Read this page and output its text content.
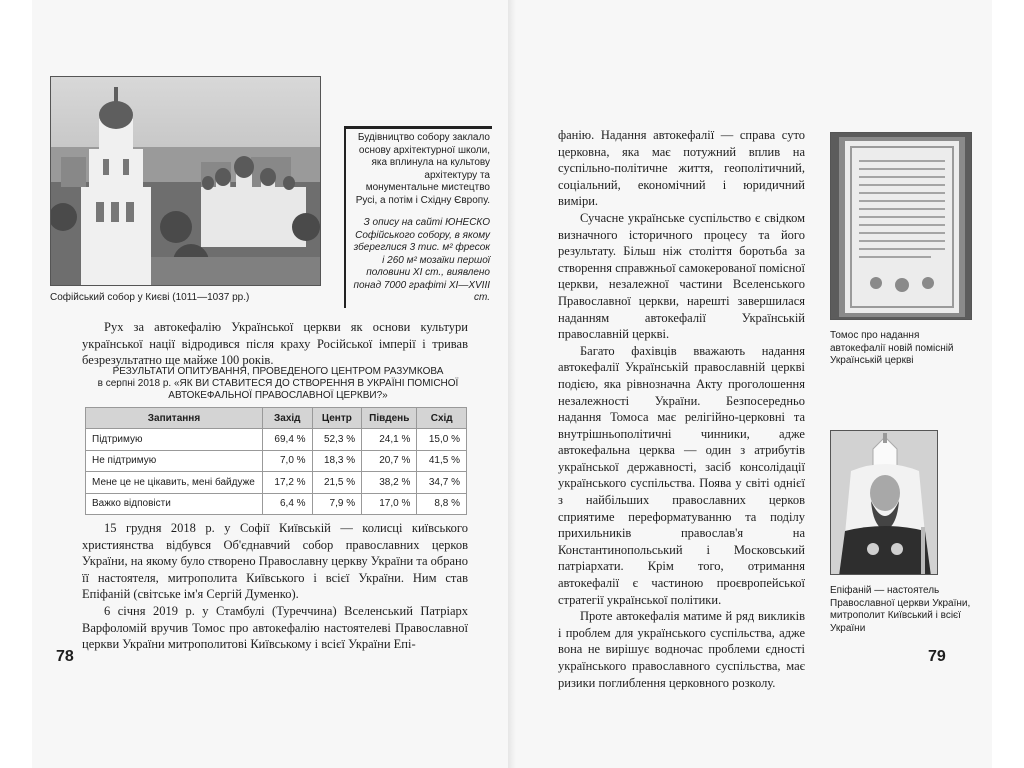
Софійський собор у Києві (1011—1037 рр.)
Будівництво собору заклало основу архітектурної школи, яка вплинула на культову архітектуру та монументальне мистецтво Русі, а потім і Східну Європу.
З опису на сайті ЮНЕСКО Софійського собору, в якому збереглися 3 тис. м² фресок і 260 м² мозаїки першої половини XI ст., виявлено понад 7000 графіті XI—XVIII ст.

Рух за автокефалію Української церкви як основи культури української нації відродився після краху Російської імперії і тривав безрезультатно ще майже 100 років.

РЕЗУЛЬТАТИ ОПИТУВАННЯ, ПРОВЕДЕНОГО ЦЕНТРОМ РАЗУМКОВА
в серпні 2018 р. «ЯК ВИ СТАВИТЕСЯ ДО СТВОРЕННЯ В УКРАЇНІ ПОМІСНОЇ
АВТОКЕФАЛЬНОЇ ПРАВОСЛАВНОЇ ЦЕРКВИ?»
Запитання	Захід	Центр	Південь	Схід
Підтримую	69,4 %	52,3 %	24,1 %	15,0 %
Не підтримую	7,0 %	18,3 %	20,7 %	41,5 %
Мене це не цікавить, мені байдуже	17,2 %	21,5 %	38,2 %	34,7 %
Важко відповісти	6,4 %	7,9 %	17,0 %	8,8 %

15 грудня 2018 р. у Софії Київській — колисці київського християнства відбувся Об'єднавчий собор православних церков України, на якому було створено Православну церкву України та обрано її настоятеля, митрополита Київського і всієї України. Ним став Епіфаній (світське ім'я Сергій Думенко).

6 січня 2019 р. у Стамбулі (Туреччина) Вселенський Патріарх Варфоломій вручив Томос про автокефалію настоятелеві Православної церкви України митрополитові Київському і всієї України Епі-

78

фанію. Надання автокефалії — справа суто церковна, яка має потужний вплив на суспільно-політичне життя, геополітичний, соціальний, економічний і юридичний виміри.

Сучасне українське суспільство є свідком визначного історичного процесу та його результату. Більш ніж століття боротьба за створення справжньої самокерованої помісної церкви, незалежної частини Вселенського Православної церкви, нарешті завершилася наданням автокефалії Українській православній церкві.

Багато фахівців вважають надання автокефалії Українській православній церкві подією, яка рівнозначна Акту проголошення незалежності України. Безпосередньо надання Томоса має релігійно-церковні та внутрішньополітичні чинники, адже автокефальна церква — один з атрибутів української державності, засіб консолідації українського суспільства. Поява у світі однієї з найбільших православних церков сприятиме переформатуванню та поділу прихильників православ'я на Константинопольський і Московський патріархати. Крім того, отримання автокефалії є частиною проєвропейської стратегії української політики.

Проте автокефалія матиме й ряд викликів і проблем для українського суспільства, адже вона не вирішує водночас проблеми єдності українського православного суспільства, має ризики поглиблення церковного розколу.

Томос про надання автокефалії новій помісній Українській церкві
Епіфаній — настоятель Православної церкви України, митрополит Київський і всієї України
79
